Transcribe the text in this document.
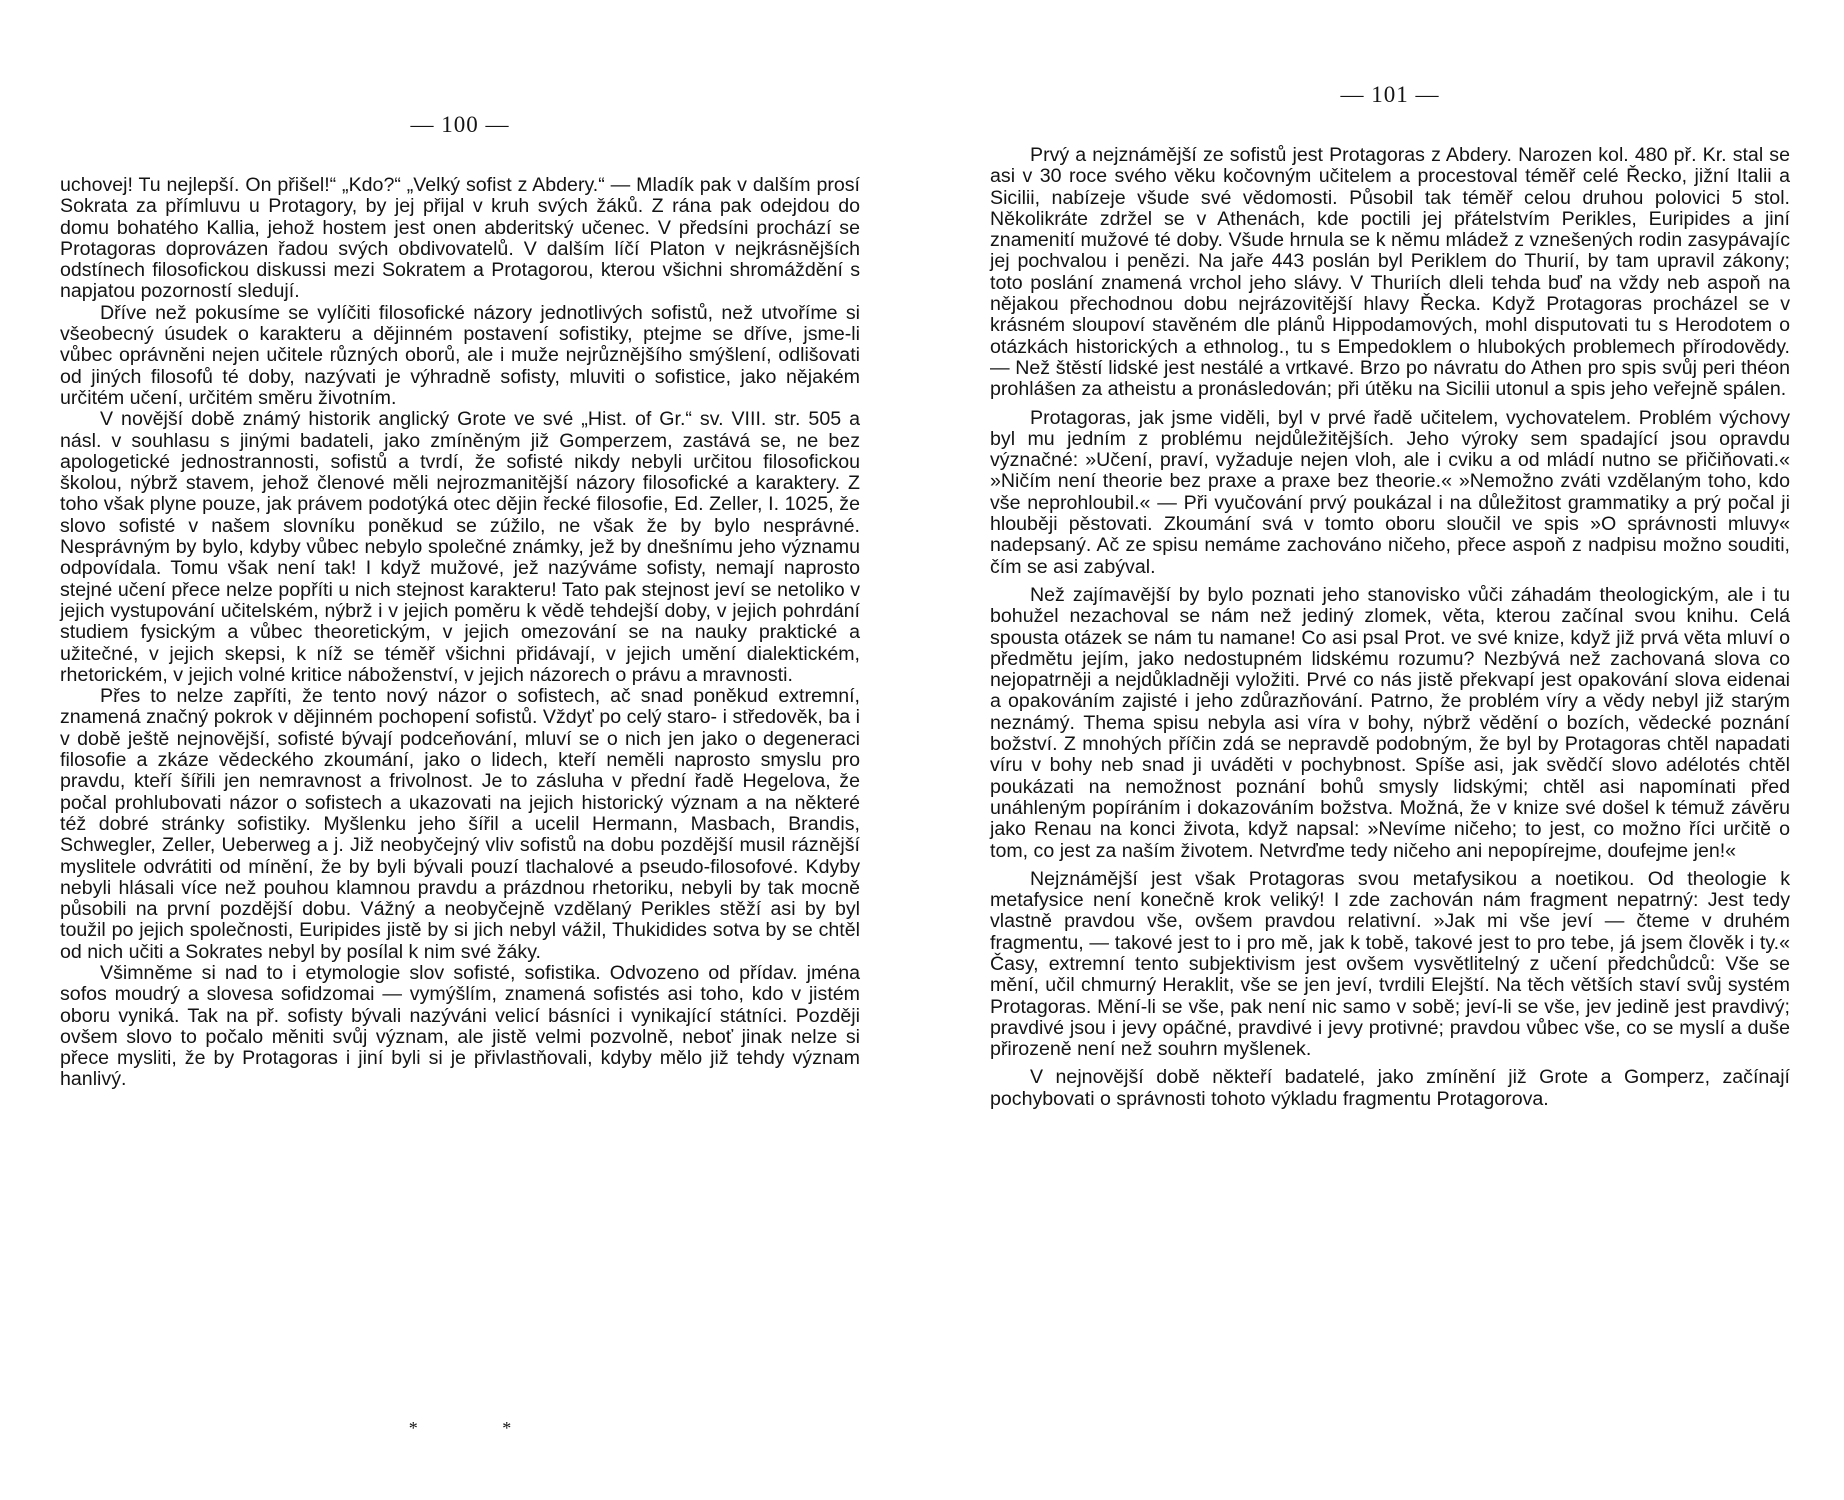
— 100 —

uchovej! Tu nejlepší. On přišel!“ „Kdo?“ „Velký sofist z Abdery.“ — Mladík pak v dalším prosí Sokrata za přímluvu u Protagory, by jej přijal v kruh svých žáků. Z rána pak odejdou do domu bohatého Kallia, jehož hostem jest onen abderitský učenec. V předsíni prochází se Protagoras doprovázen řadou svých obdivovatelů. V dalším líčí Platon v nejkrásnějších odstínech filosofickou diskussi mezi Sokratem a Protagorou, kterou všichni shromáždění s napjatou pozorností sledují.

Dříve než pokusíme se vylíčiti filosofické názory jednotlivých sofistů, než utvoříme si všeobecný úsudek o karakteru a dějinném postavení sofistiky, ptejme se dříve, jsme-li vůbec oprávněni nejen učitele různých oborů, ale i muže nejrůznějšího smýšlení, odlišovati od jiných filosofů té doby, nazývati je výhradně sofisty, mluviti o sofistice, jako nějakém určitém učení, určitém směru životním.

V novější době známý historik anglický Grote ve své „Hist. of Gr.“ sv. VIII. str. 505 a násl. v souhlasu s jinými badateli, jako zmíněným již Gomperzem, zastává se, ne bez apologetické jednostrannosti, sofistů a tvrdí, že sofisté nikdy nebyli určitou filosofickou školou, nýbrž stavem, jehož členové měli nejrozmanitější názory filosofické a karaktery. Z toho však plyne pouze, jak právem podotýká otec dějin řecké filosofie, Ed. Zeller, I. 1025, že slovo sofisté v našem slovníku poněkud se zúžilo, ne však že by bylo nesprávné. Nesprávným by bylo, kdyby vůbec nebylo společné známky, jež by dnešnímu jeho významu odpovídala. Tomu však není tak! I když mužové, jež nazýváme sofisty, nemají naprosto stejné učení přece nelze popříti u nich stejnost karakteru! Tato pak stejnost jeví se netoliko v jejich vystupování učitelském, nýbrž i v jejich poměru k vědě tehdejší doby, v jejich pohrdání studiem fysickým a vůbec theoretickým, v jejich omezování se na nauky praktické a užitečné, v jejich skepsi, k níž se téměř všichni přidávají, v jejich umění dialektickém, rhetorickém, v jejich volné kritice náboženství, v jejich názorech o právu a mravnosti.

Přes to nelze zapříti, že tento nový názor o sofistech, ač snad poněkud extremní, znamená značný pokrok v dějinném pochopení sofistů. Vždyť po celý staro- i středověk, ba i v době ještě nejnovější, sofisté bývají podceňování, mluví se o nich jen jako o degeneraci filosofie a zkáze vědeckého zkoumání, jako o lidech, kteří neměli naprosto smyslu pro pravdu, kteří šířili jen nemravnost a frivolnost. Je to zásluha v přední řadě Hegelova, že počal prohlubovati názor o sofistech a ukazovati na jejich historický význam a na některé též dobré stránky sofistiky. Myšlenku jeho šířil a ucelil Hermann, Masbach, Brandis, Schwegler, Zeller, Ueberweg a j. Již neobyčejný vliv sofistů na dobu pozdější musil ráznější myslitele odvrátiti od mínění, že by byli bývali pouzí tlachalové a pseudo-filosofové. Kdyby nebyli hlásali více než pouhou klamnou pravdu a prázdnou rhetoriku, nebyli by tak mocně působili na první pozdější dobu. Vážný a neobyčejně vzdělaný Perikles stěží asi by byl toužil po jejich společnosti, Euripides jistě by si jich nebyl vážil, Thukidides sotva by se chtěl od nich učiti a Sokrates nebyl by posílal k nim své žáky.

Všimněme si nad to i etymologie slov sofisté, sofistika. Odvozeno od přídav. jména sofos moudrý a slovesa sofidzomai — vymýšlím, znamená sofistés asi toho, kdo v jistém oboru vyniká. Tak na př. sofisty bývali nazýváni velicí básníci i vynikající státníci. Později ovšem slovo to počalo měniti svůj význam, ale jistě velmi pozvolně, neboť jinak nelze si přece mysliti, že by Protagoras i jiní byli si je přivlastňovali, kdyby mělo již tehdy význam hanlivý.

* *
— 101 —

Prvý a nejznámější ze sofistů jest Protagoras z Abdery. Narozen kol. 480 př. Kr. stal se asi v 30 roce svého věku kočovným učitelem a procestoval téměř celé Řecko, jižní Italii a Sicilii, nabízeje všude své vědomosti. Působil tak téměř celou druhou polovici 5 stol. Několikráte zdržel se v Athenách, kde poctili jej přátelstvím Perikles, Euripides a jiní znamenití mužové té doby. Všude hrnula se k němu mládež z vznešených rodin zasypávajíc jej pochvalou i penězi. Na jaře 443 poslán byl Periklem do Thurií, by tam upravil zákony; toto poslání znamená vrchol jeho slávy. V Thuriích dleli tehda buď na vždy neb aspoň na nějakou přechodnou dobu nejrázovitější hlavy Řecka. Když Protagoras procházel se v krásném sloupoví stavěném dle plánů Hippodamových, mohl disputovati tu s Herodotem o otázkách historických a ethnolog., tu s Empedoklem o hlubokých problemech přírodovědy. — Než štěstí lidské jest nestálé a vrtkavé. Brzo po návratu do Athen pro spis svůj peri théon prohlášen za atheistu a pronásledován; při útěku na Sicilii utonul a spis jeho veřejně spálen.

Protagoras, jak jsme viděli, byl v prvé řadě učitelem, vychovatelem. Problém výchovy byl mu jedním z problému nejdůležitějších. Jeho výroky sem spadající jsou opravdu význačné: »Učení, praví, vyžaduje nejen vloh, ale i cviku a od mládí nutno se přičiňovati.« »Ničím není theorie bez praxe a praxe bez theorie.« »Nemožno zváti vzdělaným toho, kdo vše neprohloubil.« — Při vyučování prvý poukázal i na důležitost grammatiky a prý počal ji hlouběji pěstovati. Zkoumání svá v tomto oboru sloučil ve spis »O správnosti mluvy« nadepsaný. Ač ze spisu nemáme zachováno ničeho, přece aspoň z nadpisu možno souditi, čím se asi zabýval.

Než zajímavější by bylo poznati jeho stanovisko vůči záhadám theologickým, ale i tu bohužel nezachoval se nám než jediný zlomek, věta, kterou začínal svou knihu. Celá spousta otázek se nám tu namane! Co asi psal Prot. ve své knize, když již prvá věta mluví o předmětu jejím, jako nedostupném lidskému rozumu? Nezbývá než zachovaná slova co nejopatrněji a nejdůkladněji vyložiti. Prvé co nás jistě překvapí jest opakování slova eidenai a opakováním zajisté i jeho zdůrazňování. Patrno, že problém víry a vědy nebyl již starým neznámý. Thema spisu nebyla asi víra v bohy, nýbrž vědění o bozích, vědecké poznání božství. Z mnohých příčin zdá se nepravdě podobným, že byl by Protagoras chtěl napadati víru v bohy neb snad ji uváděti v pochybnost. Spíše asi, jak svědčí slovo adélotés chtěl poukázati na nemožnost poznání bohů smysly lidskými; chtěl asi napomínati před unáhleným popíráním i dokazováním božstva. Možná, že v knize své došel k témuž závěru jako Renau na konci života, když napsal: »Nevíme ničeho; to jest, co možno říci určitě o tom, co jest za naším životem. Netvrďme tedy ničeho ani nepopírejme, doufejme jen!«

Nejznámější jest však Protagoras svou metafysikou a noetikou. Od theologie k metafysice není konečně krok veliký! I zde zachován nám fragment nepatrný: Jest tedy vlastně pravdou vše, ovšem pravdou relativní. »Jak mi vše jeví — čteme v druhém fragmentu, — takové jest to i pro mě, jak k tobě, takové jest to pro tebe, já jsem člověk i ty.« Časy, extremní tento subjektivism jest ovšem vysvětlitelný z učení předchůdců: Vše se mění, učil chmurný Heraklit, vše se jen jeví, tvrdili Elejští. Na těch větších staví svůj systém Protagoras. Mění-li se vše, pak není nic samo v sobě; jeví-li se vše, jev jedině jest pravdivý; pravdivé jsou i jevy opáčné, pravdivé i jevy protivné; pravdou vůbec vše, co se myslí a duše přirozeně není než souhrn myšlenek.

V nejnovější době někteří badatelé, jako zmínění již Grote a Gomperz, začínají pochybovati o správnosti tohoto výkladu fragmentu Protagorova.
